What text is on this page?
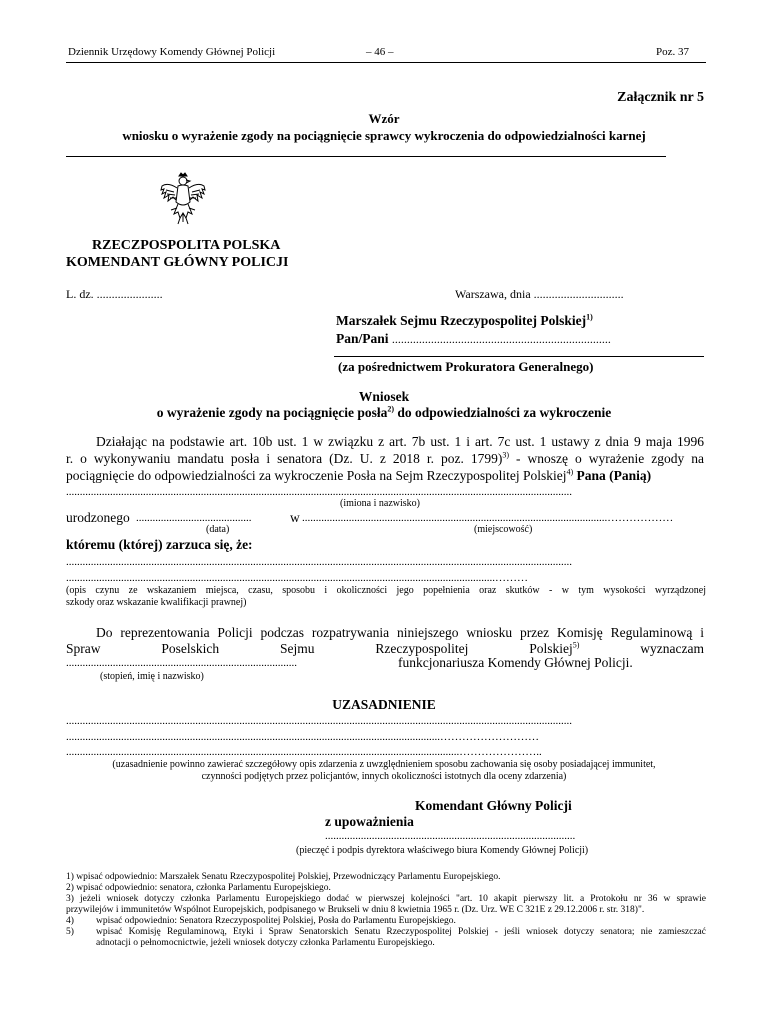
Dziennik Urzędowy Komendy Głównej Policji	– 46 –	Poz. 37
Załącznik nr 5
Wzór
wniosku o wyrażenie zgody na pociągnięcie sprawcy wykroczenia do odpowiedzialności karnej
RZECZPOSPOLITA POLSKA
KOMENDANT GŁÓWNY POLICJI
L. dz. ......................	Warszawa, dnia ..............................
Marszałek Sejmu Rzeczypospolitej Polskiej$^{1)}$
Pan/Pani .........................................................................
(za pośrednictwem Prokuratora Generalnego)
Wniosek
o wyrażenie zgody na pociągnięcie posła$^{2)}$ do odpowiedzialności za wykroczenie
Działając na podstawie art. 10b ust. 1 w związku z art. 7b ust. 1 i art. 7c ust. 1 ustawy z dnia 9 maja 1996
r. o wykonywaniu mandatu posła i senatora (Dz. U. z 2018 r. poz. 1799)$^{3)}$ - wnoszę o wyrażenie zgody na
pociągnięcie do odpowiedzialności za wykroczenie Posła na Sejm Rzeczypospolitej Polskiej$^{4)}$ Pana (Panią)
........................................................................................................................................................................................
(imiona i nazwisko)
urodzonego ..........................................	w ...............................................................................................................………………
(data)	(miejscowość)
któremu (której) zarzuca się, że:
........................................................................................................................................................................................
............................................................................................................................................................………
(opis czynu ze wskazaniem miejsca, czasu, sposobu i okoliczności jego popełnienia oraz skutków - w tym wysokości wyrządzonej
szkody oraz wskazanie kwalifikacji prawnej)
Do reprezentowania Policji podczas rozpatrywania niniejszego wniosku przez Komisję Regulaminową i
Spraw	Poselskich	Sejmu	Rzeczypospolitej	Polskiej$^{5)}$	wyznaczam
....................................................................................	funkcjonariusza Komendy Głównej Policji.
(stopień, imię i nazwisko)
UZASADNIENIE
........................................................................................................................................................................................
........................................................................................................................................………………………
...............................................................................................................................................…………………..
(uzasadnienie powinno zawierać szczegółowy opis zdarzenia z uwzględnieniem sposobu zachowania się osoby posiadającej immunitet,
czynności podjętych przez policjantów, innych okoliczności istotnych dla oceny zdarzenia)
Komendant Główny Policji
z upoważnienia
...........................................................................................
(pieczęć i podpis dyrektora właściwego biura Komendy Głównej Policji)
1) wpisać odpowiednio: Marszałek Senatu Rzeczypospolitej Polskiej, Przewodniczący Parlamentu Europejskiego.
2) wpisać odpowiednio: senatora, członka Parlamentu Europejskiego.
3) jeżeli wniosek dotyczy członka Parlamentu Europejskiego dodać w pierwszej kolejności "art. 10 akapit pierwszy lit. a Protokołu nr 36 w sprawie
przywilejów i immunitetów Wspólnot Europejskich, podpisanego w Brukseli w dniu 8 kwietnia 1965 r. (Dz. Urz. WE C 321E z 29.12.2006 r. str. 318)".
4) wpisać odpowiednio: Senatora Rzeczypospolitej Polskiej, Posła do Parlamentu Europejskiego.
5) wpisać Komisję Regulaminową, Etyki i Spraw Senatorskich Senatu Rzeczypospolitej Polskiej - jeśli wniosek dotyczy senatora; nie zamieszczać
adnotacji o pełnomocnictwie, jeżeli wniosek dotyczy członka Parlamentu Europejskiego.
